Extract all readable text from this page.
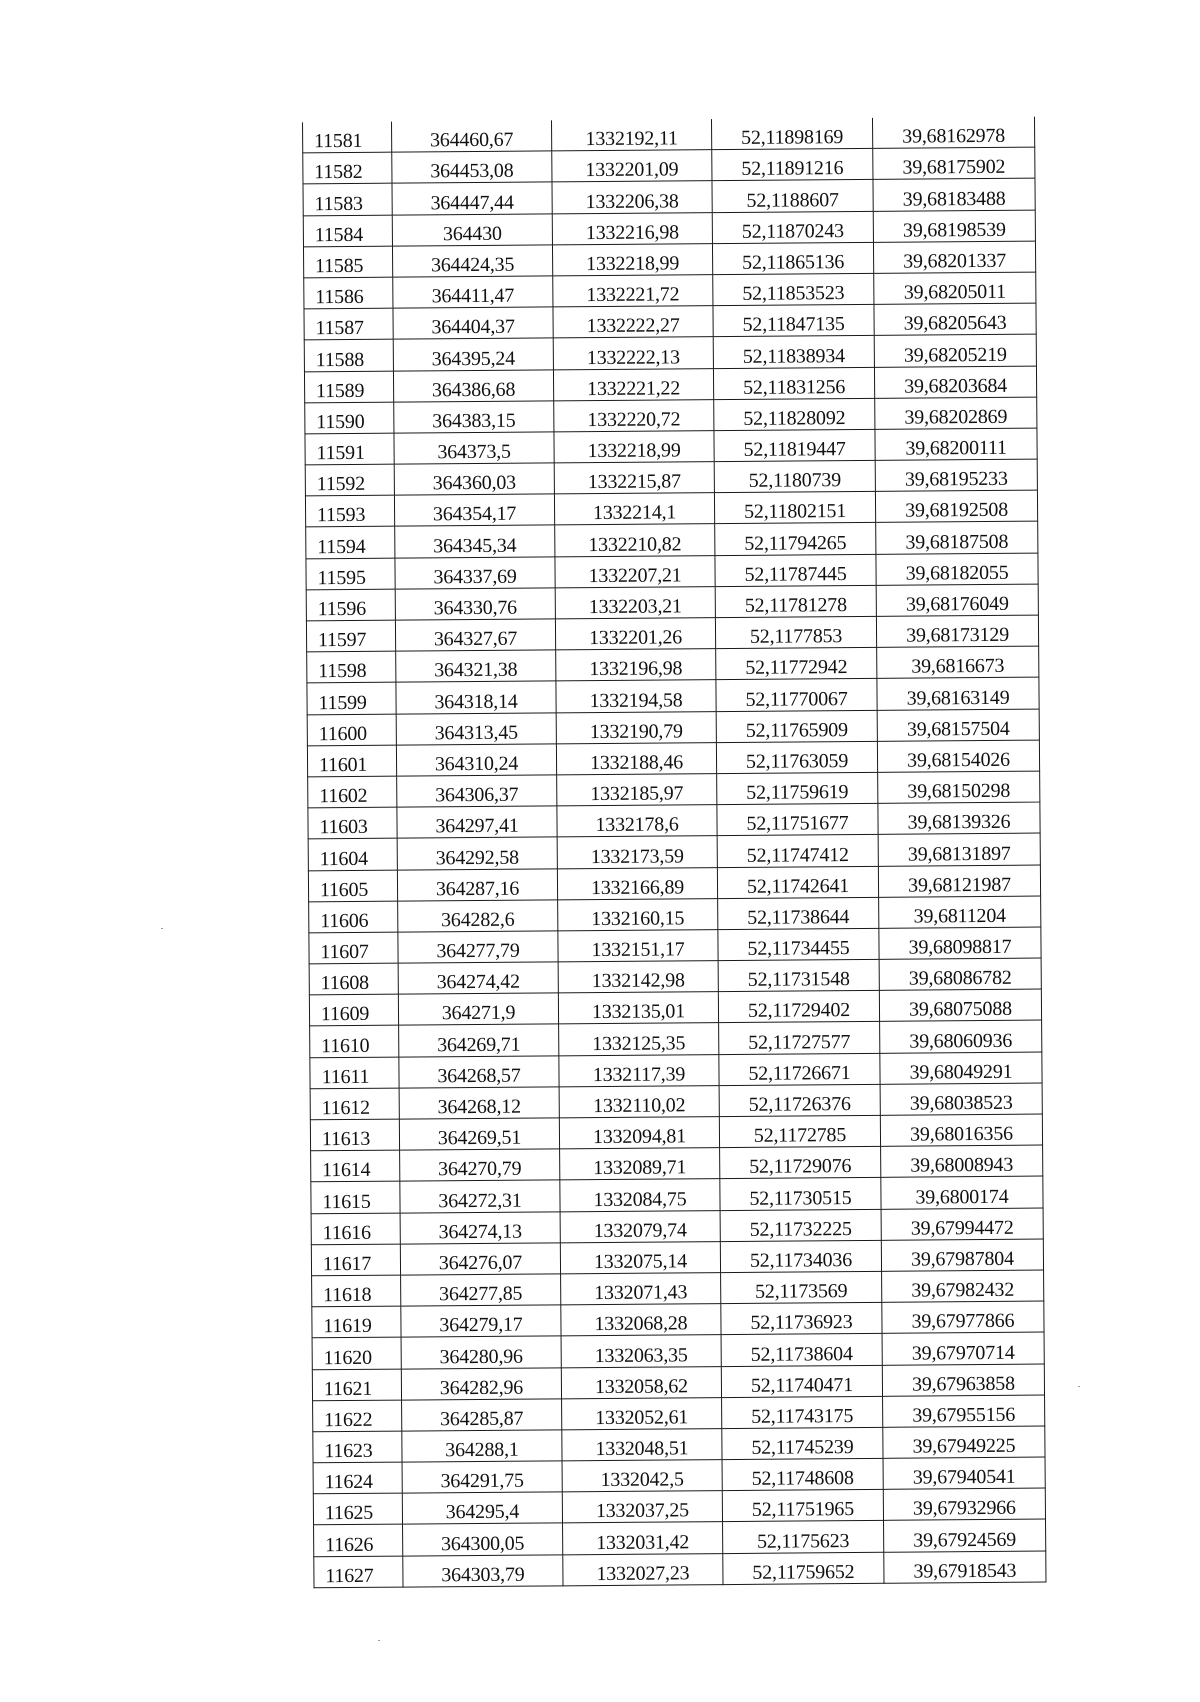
11581	364460,67	1332192,11	52,11898169	39,68162978
11582	364453,08	1332201,09	52,11891216	39,68175902
11583	364447,44	1332206,38	52,1188607	39,68183488
11584	364430	1332216,98	52,11870243	39,68198539
11585	364424,35	1332218,99	52,11865136	39,68201337
11586	364411,47	1332221,72	52,11853523	39,68205011
11587	364404,37	1332222,27	52,11847135	39,68205643
11588	364395,24	1332222,13	52,11838934	39,68205219
11589	364386,68	1332221,22	52,11831256	39,68203684
11590	364383,15	1332220,72	52,11828092	39,68202869
11591	364373,5	1332218,99	52,11819447	39,68200111
11592	364360,03	1332215,87	52,1180739	39,68195233
11593	364354,17	1332214,1	52,11802151	39,68192508
11594	364345,34	1332210,82	52,11794265	39,68187508
11595	364337,69	1332207,21	52,11787445	39,68182055
11596	364330,76	1332203,21	52,11781278	39,68176049
11597	364327,67	1332201,26	52,1177853	39,68173129
11598	364321,38	1332196,98	52,11772942	39,6816673
11599	364318,14	1332194,58	52,11770067	39,68163149
11600	364313,45	1332190,79	52,11765909	39,68157504
11601	364310,24	1332188,46	52,11763059	39,68154026
11602	364306,37	1332185,97	52,11759619	39,68150298
11603	364297,41	1332178,6	52,11751677	39,68139326
11604	364292,58	1332173,59	52,11747412	39,68131897
11605	364287,16	1332166,89	52,11742641	39,68121987
11606	364282,6	1332160,15	52,11738644	39,6811204
11607	364277,79	1332151,17	52,11734455	39,68098817
11608	364274,42	1332142,98	52,11731548	39,68086782
11609	364271,9	1332135,01	52,11729402	39,68075088
11610	364269,71	1332125,35	52,11727577	39,68060936
11611	364268,57	1332117,39	52,11726671	39,68049291
11612	364268,12	1332110,02	52,11726376	39,68038523
11613	364269,51	1332094,81	52,1172785	39,68016356
11614	364270,79	1332089,71	52,11729076	39,68008943
11615	364272,31	1332084,75	52,11730515	39,6800174
11616	364274,13	1332079,74	52,11732225	39,67994472
11617	364276,07	1332075,14	52,11734036	39,67987804
11618	364277,85	1332071,43	52,1173569	39,67982432
11619	364279,17	1332068,28	52,11736923	39,67977866
11620	364280,96	1332063,35	52,11738604	39,67970714
11621	364282,96	1332058,62	52,11740471	39,67963858
11622	364285,87	1332052,61	52,11743175	39,67955156
11623	364288,1	1332048,51	52,11745239	39,67949225
11624	364291,75	1332042,5	52,11748608	39,67940541
11625	364295,4	1332037,25	52,11751965	39,67932966
11626	364300,05	1332031,42	52,1175623	39,67924569
11627	364303,79	1332027,23	52,11759652	39,67918543
